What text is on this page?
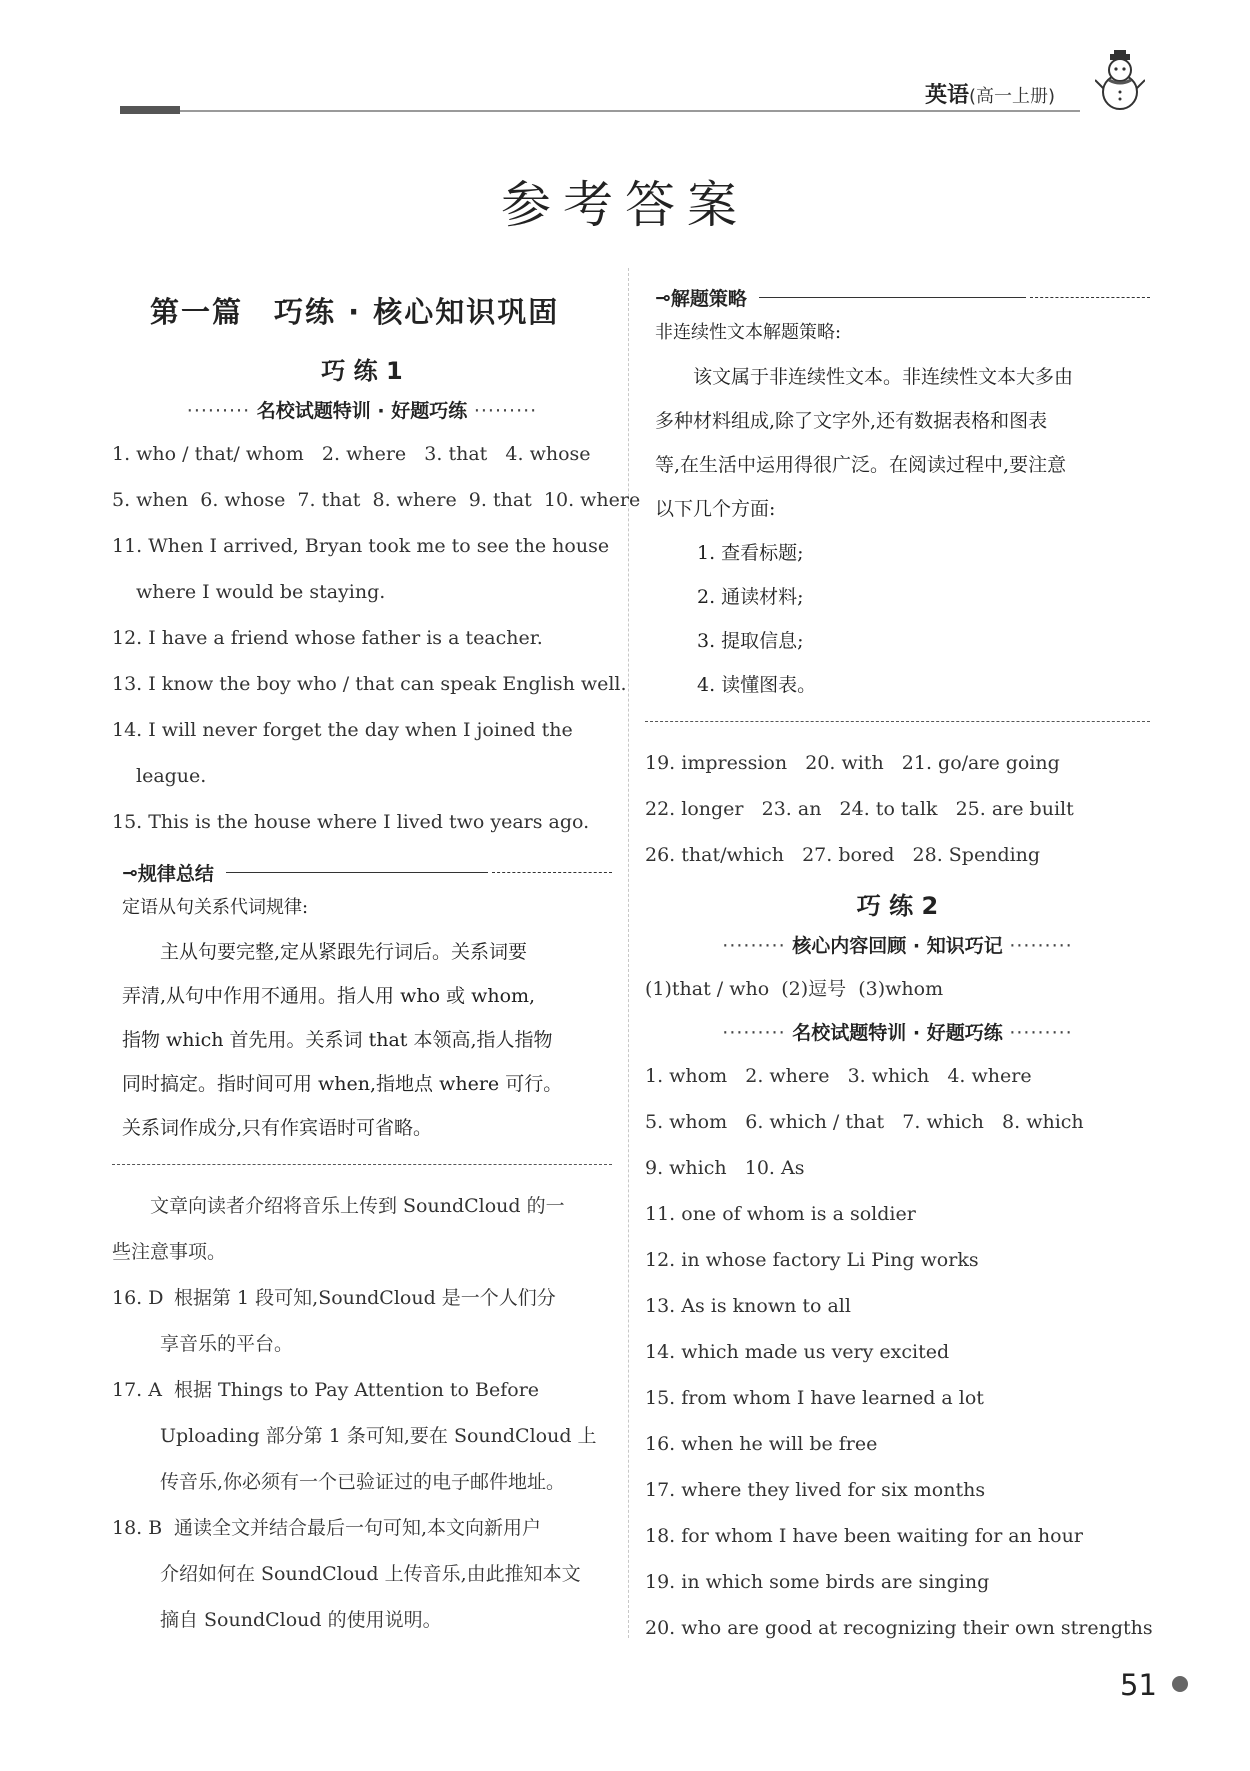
英语(高一上册)
参考答案
第一篇　巧练 · 核心知识巩固
巧 练 1
········· 名校试题特训 · 好题巧练 ·········
1. who / that/ whom   2. where   3. that   4. whose
5. when  6. whose  7. that  8. where  9. that  10. where
11. When I arrived, Bryan took me to see the house
where I would be staying.
12. I have a friend whose father is a teacher.
13. I know the boy who / that can speak English well.
14. I will never forget the day when I joined the
league.
15. This is the house where I lived two years ago.
⊸ 规律总结
定语从句关系代词规律:
主从句要完整,定从紧跟先行词后。关系词要
弄清,从句中作用不通用。指人用 who 或 whom,
指物 which 首先用。关系词 that 本领高,指人指物
同时搞定。指时间可用 when,指地点 where 可行。
关系词作成分,只有作宾语时可省略。
文章向读者介绍将音乐上传到 SoundCloud 的一
些注意事项。
16. D 根据第 1 段可知,SoundCloud 是一个人们分
享音乐的平台。
17. A 根据 Things to Pay Attention to Before
Uploading 部分第 1 条可知,要在 SoundCloud 上
传音乐,你必须有一个已验证过的电子邮件地址。
18. B 通读全文并结合最后一句可知,本文向新用户
介绍如何在 SoundCloud 上传音乐,由此推知本文
摘自 SoundCloud 的使用说明。
⊸ 解题策略
非连续性文本解题策略:
该文属于非连续性文本。非连续性文本大多由
多种材料组成,除了文字外,还有数据表格和图表
等,在生活中运用得很广泛。在阅读过程中,要注意
以下几个方面:
1. 查看标题;
2. 通读材料;
3. 提取信息;
4. 读懂图表。
19. impression   20. with   21. go/are going
22. longer   23. an   24. to talk   25. are built
26. that/which   27. bored   28. Spending
巧 练 2
········· 核心内容回顾 · 知识巧记 ·········
(1)that / who  (2)逗号  (3)whom
········· 名校试题特训 · 好题巧练 ·········
1. whom   2. where   3. which   4. where
5. whom   6. which / that   7. which   8. which
9. which   10. As
11. one of whom is a soldier
12. in whose factory Li Ping works
13. As is known to all
14. which made us very excited
15. from whom I have learned a lot
16. when he will be free
17. where they lived for six months
18. for whom I have been waiting for an hour
19. in which some birds are singing
20. who are good at recognizing their own strengths
51
